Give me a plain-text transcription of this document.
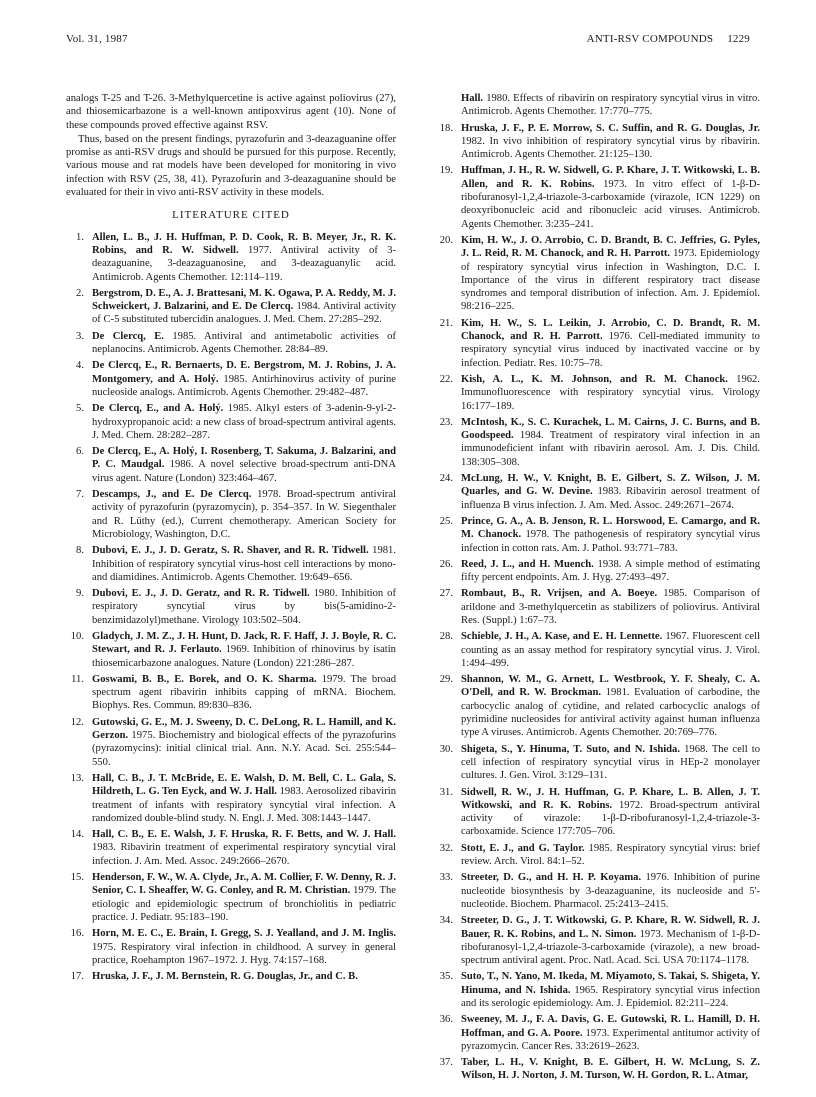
Vol. 31, 1987	ANTI-RSV COMPOUNDS 1229

analogs T-25 and T-26. 3-Methylquercetine is active against poliovirus (27), and thiosemicarbazone is a well-known antipoxvirus agent (10). None of these compounds proved effective against RSV.

Thus, based on the present findings, pyrazofurin and 3-deazaguanine offer promise as anti-RSV drugs and should be pursued for this purpose. Recently, various mouse and rat models have been developed for monitoring in vivo infection with RSV (25, 38, 41). Pyrazofurin and 3-deazaguanine should be evaluated for their in vivo anti-RSV activity in these models.

LITERATURE CITED
1. Allen, L. B., J. H. Huffman, P. D. Cook, R. B. Meyer, Jr., R. K. Robins, and R. W. Sidwell. 1977. Antiviral activity of 3-deazaguanine, 3-deazaguanosine, and 3-deazaguanylic acid. Antimicrob. Agents Chemother. 12:114–119.
2. Bergstrom, D. E., A. J. Brattesani, M. K. Ogawa, P. A. Reddy, M. J. Schweickert, J. Balzarini, and E. De Clercq. 1984. Antiviral activity of C-5 substituted tubercidin analogues. J. Med. Chem. 27:285–292.
3. De Clercq, E. 1985. Antiviral and antimetabolic activities of neplanocins. Antimicrob. Agents Chemother. 28:84–89.
4. De Clercq, E., R. Bernaerts, D. E. Bergstrom, M. J. Robins, J. A. Montgomery, and A. Holý. 1985. Antirhinovirus activity of purine nucleoside analogs. Antimicrob. Agents Chemother. 29:482–487.
5. De Clercq, E., and A. Holý. 1985. Alkyl esters of 3-adenin-9-yl-2-hydroxypropanoic acid: a new class of broad-spectrum antiviral agents. J. Med. Chem. 28:282–287.
6. De Clercq, E., A. Holý, I. Rosenberg, T. Sakuma, J. Balzarini, and P. C. Maudgal. 1986. A novel selective broad-spectrum anti-DNA virus agent. Nature (London) 323:464–467.
7. Descamps, J., and E. De Clercq. 1978. Broad-spectrum antiviral activity of pyrazofurin (pyrazomycin), p. 354–357. In W. Siegenthaler and R. Lüthy (ed.), Current chemotherapy. American Society for Microbiology, Washington, D.C.
8. Dubovi, E. J., J. D. Geratz, S. R. Shaver, and R. R. Tidwell. 1981. Inhibition of respiratory syncytial virus-host cell interactions by mono- and diamidines. Antimicrob. Agents Chemother. 19:649–656.
9. Dubovi, E. J., J. D. Geratz, and R. R. Tidwell. 1980. Inhibition of respiratory syncytial virus by bis(5-amidino-2-benzimidazolyl)methane. Virology 103:502–504.
10. Gladych, J. M. Z., J. H. Hunt, D. Jack, R. F. Haff, J. J. Boyle, R. C. Stewart, and R. J. Ferlauto. 1969. Inhibition of rhinovirus by isatin thiosemicarbazone analogues. Nature (London) 221:286–287.
11. Goswami, B. B., E. Borek, and O. K. Sharma. 1979. The broad spectrum agent ribavirin inhibits capping of mRNA. Biochem. Biophys. Res. Commun. 89:830–836.
12. Gutowski, G. E., M. J. Sweeny, D. C. DeLong, R. L. Hamill, and K. Gerzon. 1975. Biochemistry and biological effects of the pyrazofurins (pyrazomycins): initial clinical trial. Ann. N.Y. Acad. Sci. 255:544–550.
13. Hall, C. B., J. T. McBride, E. E. Walsh, D. M. Bell, C. L. Gala, S. Hildreth, L. G. Ten Eyck, and W. J. Hall. 1983. Aerosolized ribavirin treatment of infants with respiratory syncytial viral infection. A randomized double-blind study. N. Engl. J. Med. 308:1443–1447.
14. Hall, C. B., E. E. Walsh, J. F. Hruska, R. F. Betts, and W. J. Hall. 1983. Ribavirin treatment of experimental respiratory syncytial viral infection. J. Am. Med. Assoc. 249:2666–2670.
15. Henderson, F. W., W. A. Clyde, Jr., A. M. Collier, F. W. Denny, R. J. Senior, C. I. Sheaffer, W. G. Conley, and R. M. Christian. 1979. The etiologic and epidemiologic spectrum of bronchiolitis in pediatric practice. J. Pediatr. 95:183–190.
16. Horn, M. E. C., E. Brain, I. Gregg, S. J. Yealland, and J. M. Inglis. 1975. Respiratory viral infection in childhood. A survey in general practice, Roehampton 1967–1972. J. Hyg. 74:157–168.
17. Hruska, J. F., J. M. Bernstein, R. G. Douglas, Jr., and C. B.
Hall. 1980. Effects of ribavirin on respiratory syncytial virus in vitro. Antimicrob. Agents Chemother. 17:770–775.
18. Hruska, J. F., P. E. Morrow, S. C. Suffin, and R. G. Douglas, Jr. 1982. In vivo inhibition of respiratory syncytial virus by ribavirin. Antimicrob. Agents Chemother. 21:125–130.
19. Huffman, J. H., R. W. Sidwell, G. P. Khare, J. T. Witkowski, L. B. Allen, and R. K. Robins. 1973. In vitro effect of 1-β-D-ribofuranosyl-1,2,4-triazole-3-carboxamide (virazole, ICN 1229) on deoxyribonucleic acid and ribonucleic acid viruses. Antimicrob. Agents Chemother. 3:235–241.
20. Kim, H. W., J. O. Arrobio, C. D. Brandt, B. C. Jeffries, G. Pyles, J. L. Reid, R. M. Chanock, and R. H. Parrott. 1973. Epidemiology of respiratory syncytial virus infection in Washington, D.C. I. Importance of the virus in different respiratory tract disease syndromes and temporal distribution of infection. Am. J. Epidemiol. 98:216–225.
21. Kim, H. W., S. L. Leikin, J. Arrobio, C. D. Brandt, R. M. Chanock, and R. H. Parrott. 1976. Cell-mediated immunity to respiratory syncytial virus induced by inactivated vaccine or by infection. Pediatr. Res. 10:75–78.
22. Kish, A. L., K. M. Johnson, and R. M. Chanock. 1962. Immunofluorescence with respiratory syncytial virus. Virology 16:177–189.
23. McIntosh, K., S. C. Kurachek, L. M. Cairns, J. C. Burns, and B. Goodspeed. 1984. Treatment of respiratory viral infection in an immunodeficient infant with ribavirin aerosol. Am. J. Dis. Child. 138:305–308.
24. McLung, H. W., V. Knight, B. E. Gilbert, S. Z. Wilson, J. M. Quarles, and G. W. Devine. 1983. Ribavirin aerosol treatment of influenza B virus infection. J. Am. Med. Assoc. 249:2671–2674.
25. Prince, G. A., A. B. Jenson, R. L. Horswood, E. Camargo, and R. M. Chanock. 1978. The pathogenesis of respiratory syncytial virus infection in cotton rats. Am. J. Pathol. 93:771–783.
26. Reed, J. L., and H. Muench. 1938. A simple method of estimating fifty percent endpoints. Am. J. Hyg. 27:493–497.
27. Rombaut, B., R. Vrijsen, and A. Boeye. 1985. Comparison of arildone and 3-methylquercetin as stabilizers of poliovirus. Antiviral Res. (Suppl.) 1:67–73.
28. Schieble, J. H., A. Kase, and E. H. Lennette. 1967. Fluorescent cell counting as an assay method for respiratory syncytial virus. J. Virol. 1:494–499.
29. Shannon, W. M., G. Arnett, L. Westbrook, Y. F. Shealy, C. A. O'Dell, and R. W. Brockman. 1981. Evaluation of carbodine, the carbocyclic analog of cytidine, and related carbocyclic analogs of pyrimidine nucleosides for antiviral activity against human influenza type A viruses. Antimicrob. Agents Chemother. 20:769–776.
30. Shigeta, S., Y. Hinuma, T. Suto, and N. Ishida. 1968. The cell to cell infection of respiratory syncytial virus in HEp-2 monolayer cultures. J. Gen. Virol. 3:129–131.
31. Sidwell, R. W., J. H. Huffman, G. P. Khare, L. B. Allen, J. T. Witkowski, and R. K. Robins. 1972. Broad-spectrum antiviral activity of virazole: 1-β-D-ribofuranosyl-1,2,4-triazole-3-carboxamide. Science 177:705–706.
32. Stott, E. J., and G. Taylor. 1985. Respiratory syncytial virus: brief review. Arch. Virol. 84:1–52.
33. Streeter, D. G., and H. H. P. Koyama. 1976. Inhibition of purine nucleotide biosynthesis by 3-deazaguanine, its nucleoside and 5'-nucleotide. Biochem. Pharmacol. 25:2413–2415.
34. Streeter, D. G., J. T. Witkowski, G. P. Khare, R. W. Sidwell, R. J. Bauer, R. K. Robins, and L. N. Simon. 1973. Mechanism of 1-β-D-ribofuranosyl-1,2,4-triazole-3-carboxamide (virazole), a new broad-spectrum antiviral agent. Proc. Natl. Acad. Sci. USA 70:1174–1178.
35. Suto, T., N. Yano, M. Ikeda, M. Miyamoto, S. Takai, S. Shigeta, Y. Hinuma, and N. Ishida. 1965. Respiratory syncytial virus infection and its serologic epidemiology. Am. J. Epidemiol. 82:211–224.
36. Sweeney, M. J., F. A. Davis, G. E. Gutowski, R. L. Hamill, D. H. Hoffman, and G. A. Poore. 1973. Experimental antitumor activity of pyrazomycin. Cancer Res. 33:2619–2623.
37. Taber, L. H., V. Knight, B. E. Gilbert, H. W. McLung, S. Z. Wilson, H. J. Norton, J. M. Turson, W. H. Gordon, R. L. Atmar,
